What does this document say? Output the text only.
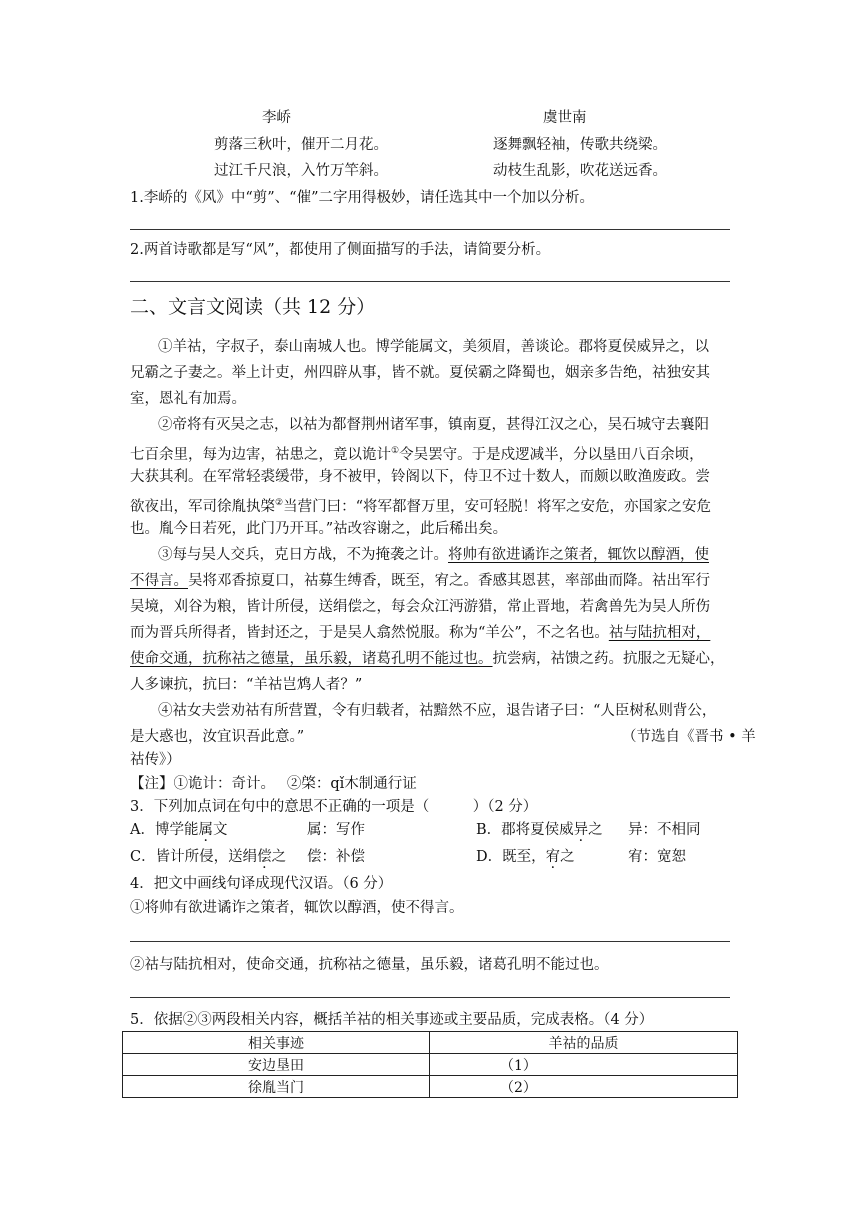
李峤	虞世南
剪落三秋叶，催开二月花。	逐舞飘轻袖，传歌共绕梁。
过江千尺浪，入竹万竿斜。	动枝生乱影，吹花送远香。
1.李峤的《风》中“剪”、“催”二字用得极妙，请任选其中一个加以分析。
2.两首诗歌都是写“风”，都使用了侧面描写的手法，请简要分析。
二、文言文阅读（共 12 分）
①羊祜，字叔子，泰山南城人也。博学能属文，美须眉，善谈论。郡将夏侯威异之，以
兄霸之子妻之。举上计吏，州四辟从事，皆不就。夏侯霸之降蜀也，姻亲多告绝，祜独安其
室，恩礼有加焉。
②帝将有灭吴之志，以祜为都督荆州诸军事，镇南夏，甚得江汉之心，吴石城守去襄阳
七百余里，每为边害，祜患之，竟以诡计①令吴罢守。于是戍逻减半，分以垦田八百余顷，
大获其利。在军常轻裘缓带，身不被甲，铃阁以下，侍卫不过十数人，而颇以畋渔废政。尝
欲夜出，军司徐胤执棨②当营门曰：“将军都督万里，安可轻脱！将军之安危，亦国家之安危
也。胤今日若死，此门乃开耳。”祜改容谢之，此后稀出矣。
③每与吴人交兵，克日方战，不为掩袭之计。将帅有欲进谲诈之策者，辄饮以醇酒，使
不得言。吴将邓香掠夏口，祜募生缚香，既至，宥之。香感其恩甚，率部曲而降。祜出军行
吴境，刈谷为粮，皆计所侵，送绢偿之，每会众江沔游猎，常止晋地，若禽兽先为吴人所伤
而为晋兵所得者，皆封还之，于是吴人翕然悦服。称为“羊公”，不之名也。祜与陆抗相对，
使命交通，抗称祜之德量，虽乐毅，诸葛孔明不能过也。抗尝病，祜馈之药。抗服之无疑心，
人多谏抗，抗曰：“羊祜岂鸩人者？”
④祜女夫尝劝祜有所营置，令有归载者，祜黯然不应，退告诸子曰：“人臣树私则背公，
是大惑也，汝宜识吾此意。”	（节选自《晋书 • 羊
祜传》）
【注】①诡计：奇计。　 ②棨：qǐ木制通行证
3．下列加点词在句中的意思不正确的一项是（　　　）（2 分）
A．博学能属文	属：写作	B．郡将夏侯威异之 异：不相同
C．皆计所侵，送绢偿之 偿：补偿	D．既至，宥之	宥：宽恕
4．把文中画线句译成现代汉语。（6 分）
①将帅有欲进谲诈之策者，辄饮以醇酒，使不得言。
②祜与陆抗相对，使命交通，抗称祜之德量，虽乐毅，诸葛孔明不能过也。
5．依据②③两段相关内容，概括羊祜的相关事迹或主要品质，完成表格。（4 分）
相关事迹	羊祜的品质
安边垦田	（1）
徐胤当门	（2）
